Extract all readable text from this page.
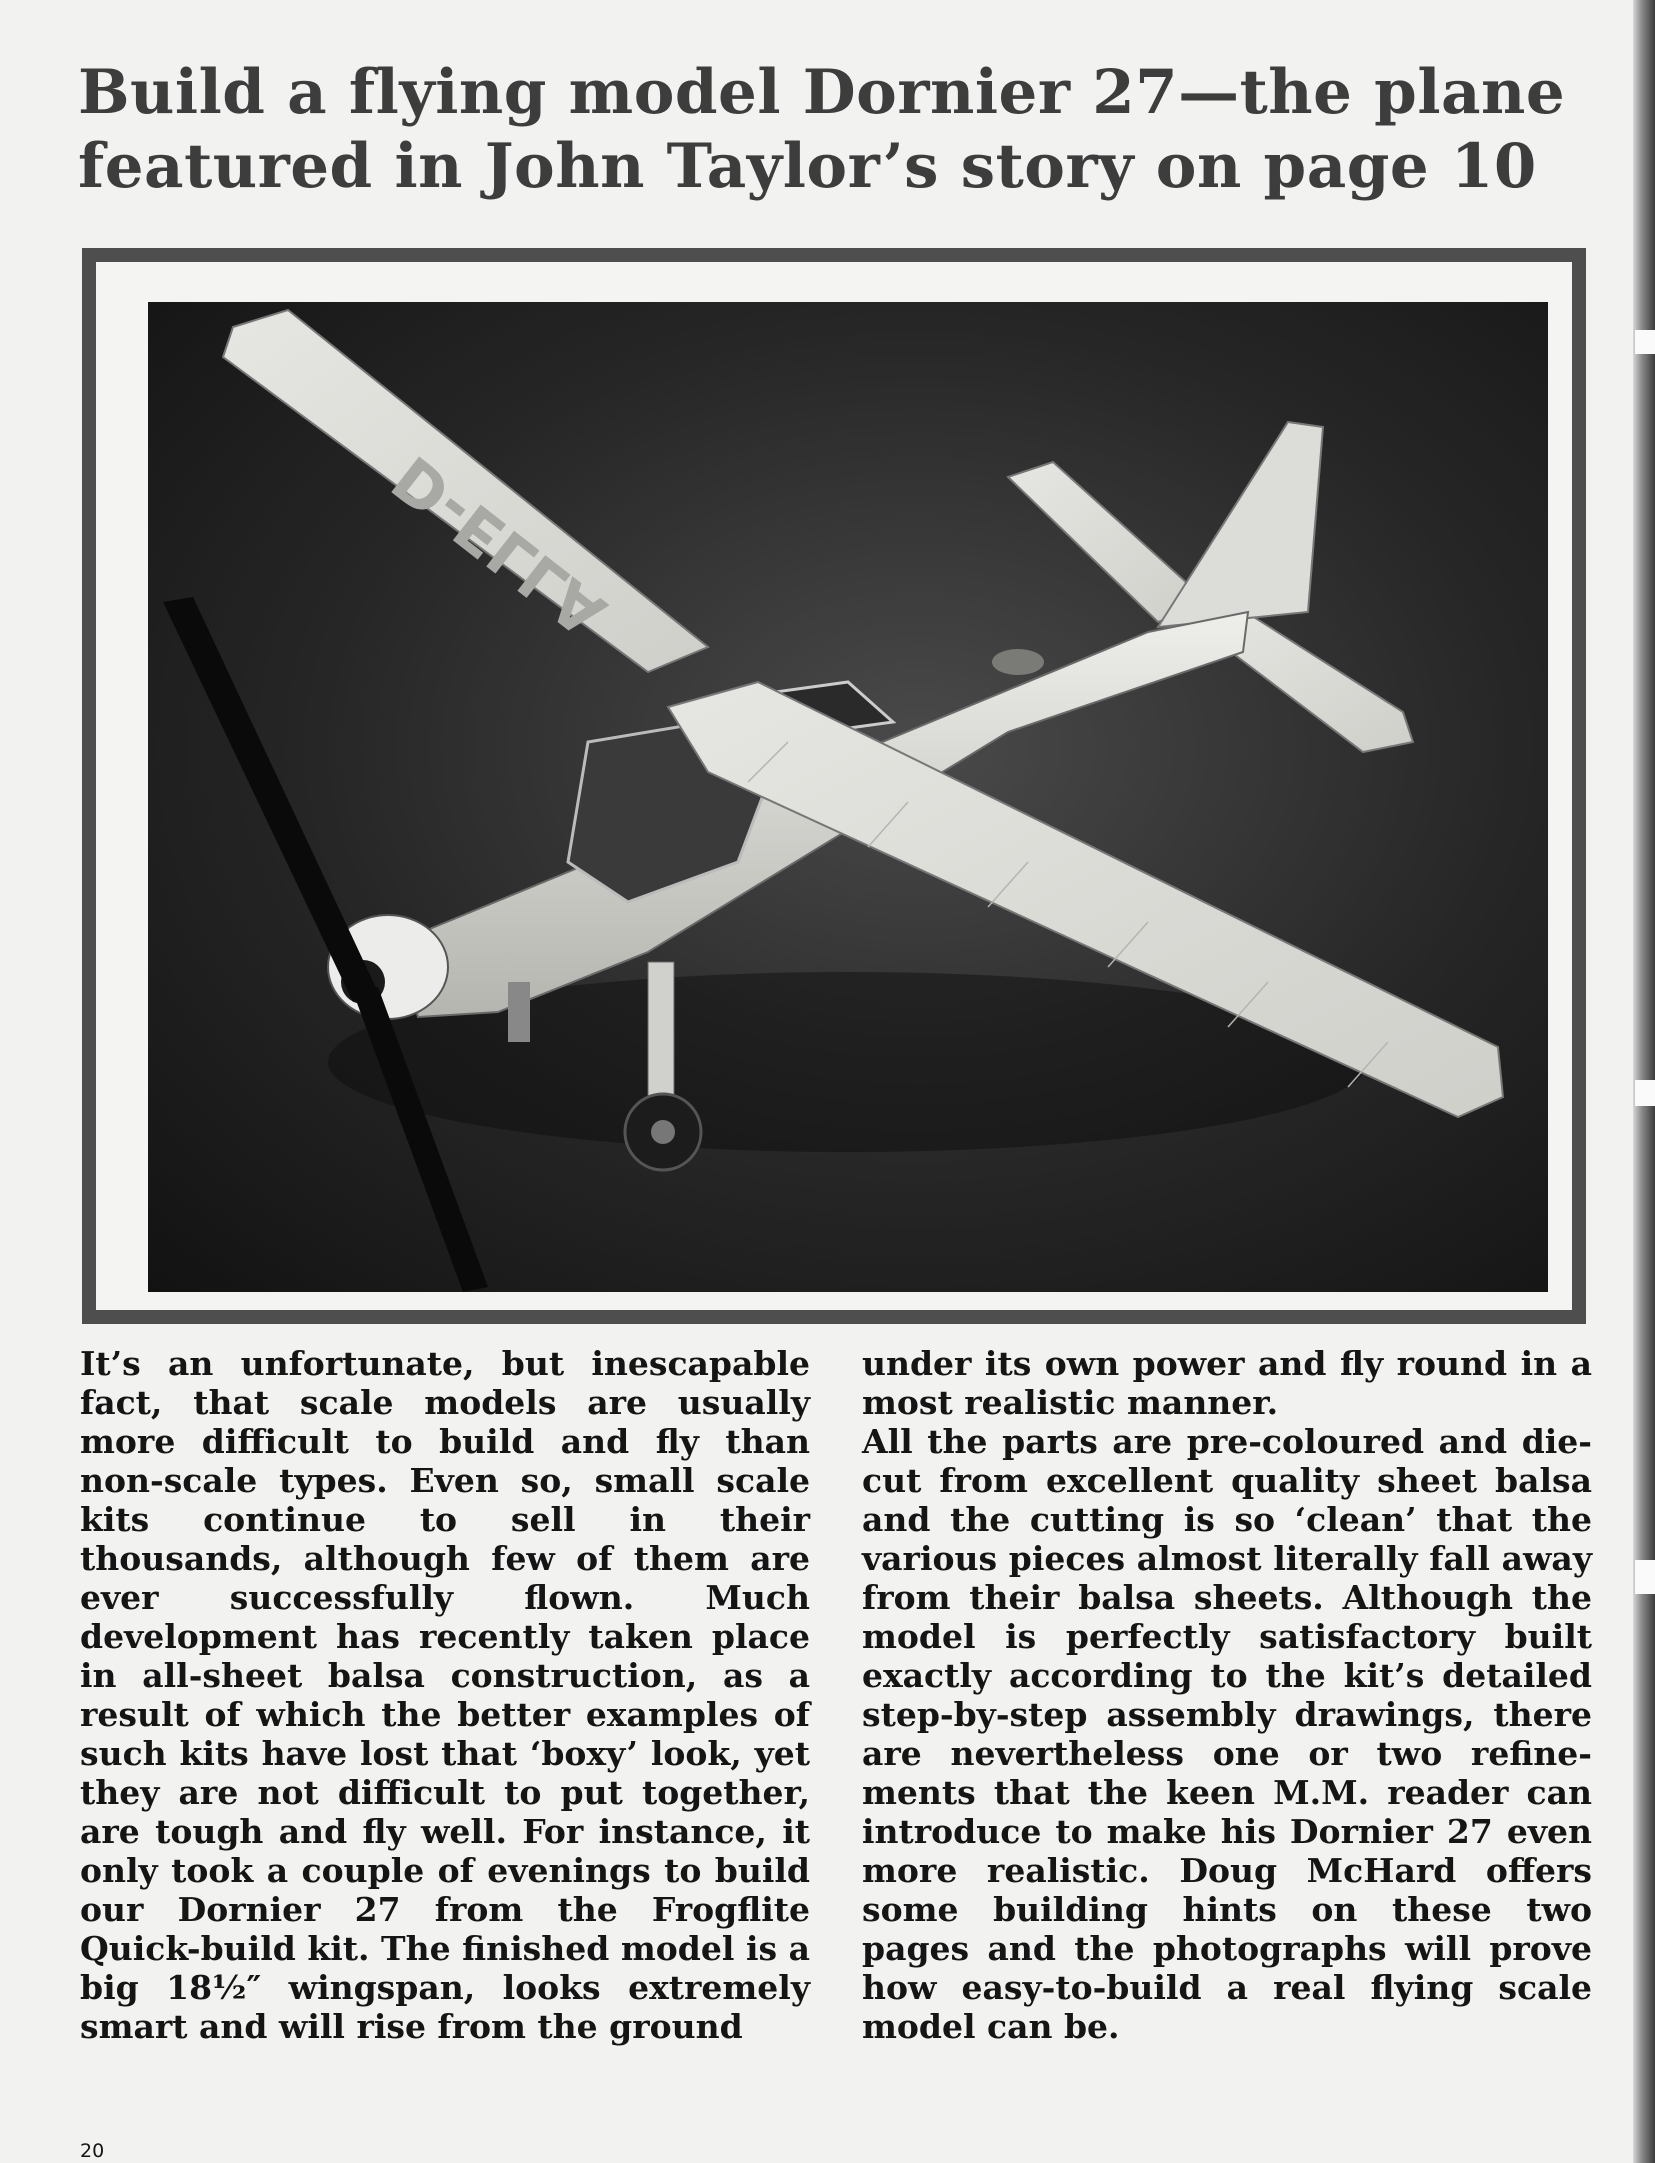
Build a flying model Dornier 27—the plane
featured in John Taylor’s story on page 10
D-ELLA

It’s an unfortunate, but inescapable fact, that scale models are usually more difficult to build and fly than non-scale types. Even so, small scale kits continue to sell in their thousands, although few of them are ever successfully flown. Much development has recently taken place in all-sheet balsa construction, as a result of which the better examples of such kits have lost that ‘boxy’ look, yet they are not difficult to put together, are tough and fly well. For instance, it only took a couple of evenings to build our Dornier 27 from the Frogflite Quick-build kit. The finished model is a big 18½″ wingspan, looks extremely smart and will rise from the ground

under its own power and fly round in a most realistic manner.

All the parts are pre-coloured and die-cut from excellent quality sheet balsa and the cutting is so ‘clean’ that the various pieces almost literally fall away from their balsa sheets. Although the model is perfectly satisfactory built exactly according to the kit’s detailed step-by-step assembly drawings, there are nevertheless one or two refinements that the keen M.M. reader can introduce to make his Dornier 27 even more realistic. Doug McHard offers some building hints on these two pages and the photographs will prove how easy-to-build a real flying scale model can be.

20
